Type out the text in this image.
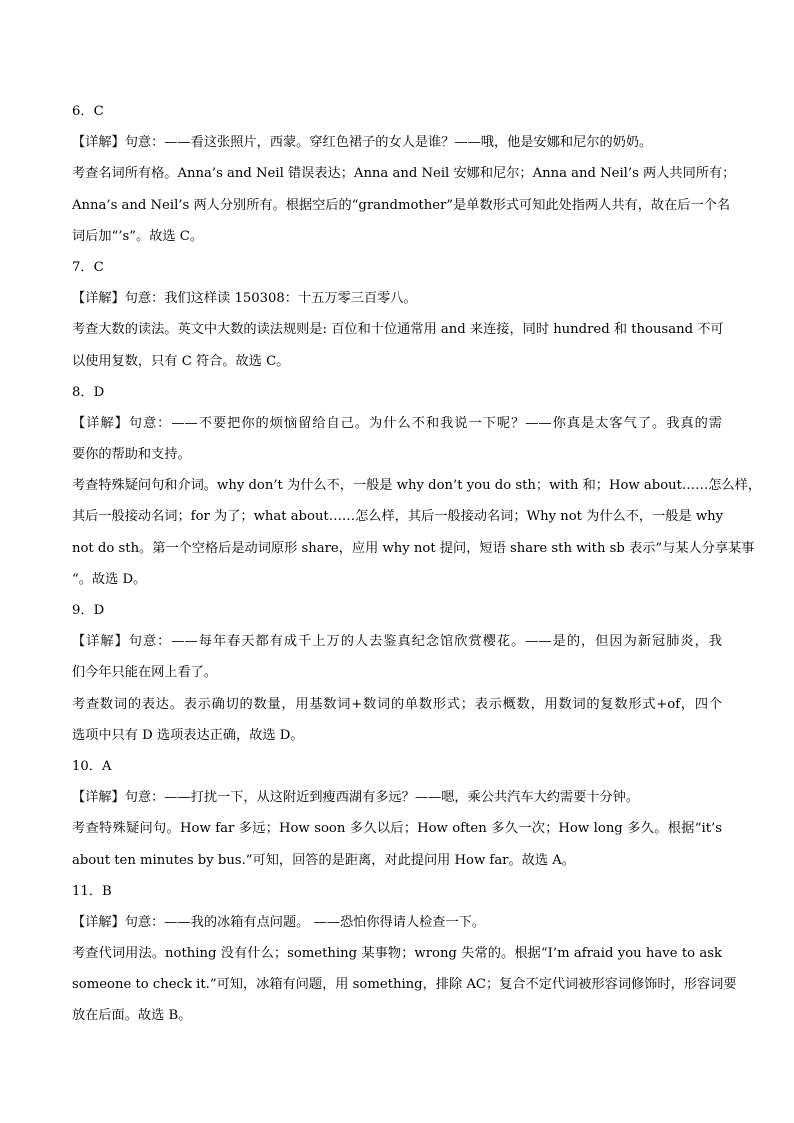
6．C
【详解】句意：——看这张照片，西蒙。穿红色裙子的女人是谁？——哦，他是安娜和尼尔的奶奶。
考查名词所有格。Anna’s and Neil 错误表达；Anna and Neil 安娜和尼尔；Anna and Neil’s 两人共同所有；
Anna’s and Neil’s 两人分别所有。根据空后的“grandmother”是单数形式可知此处指两人共有，故在后一个名
词后加“’s”。故选 C。
7．C
【详解】句意：我们这样读 150308：十五万零三百零八。
考查大数的读法。英文中大数的读法规则是: 百位和十位通常用 and 来连接，同时 hundred 和 thousand 不可
以使用复数，只有 C 符合。故选 C。
8．D
【详解】句意：——不要把你的烦恼留给自己。为什么不和我说一下呢？——你真是太客气了。我真的需
要你的帮助和支持。
考查特殊疑问句和介词。why don’t 为什么不，一般是 why don’t you do sth；with 和；How about……怎么样，
其后一般接动名词；for 为了；what about……怎么样，其后一般接动名词；Why not 为什么不，一般是 why
not do sth。第一个空格后是动词原形 share，应用 why not 提问，短语 share sth with sb 表示”与某人分享某事
“。故选 D。
9．D
【详解】句意：——每年春天都有成千上万的人去鉴真纪念馆欣赏樱花。——是的，但因为新冠肺炎，我
们今年只能在网上看了。
考查数词的表达。表示确切的数量，用基数词+数词的单数形式；表示概数，用数词的复数形式+of，四个
选项中只有 D 选项表达正确，故选 D。
10．A
【详解】句意：——打扰一下，从这附近到瘦西湖有多远？——嗯，乘公共汽车大约需要十分钟。
考查特殊疑问句。How far 多远；How soon 多久以后；How often 多久一次；How long 多久。根据“it’s
about ten minutes by bus.”可知，回答的是距离，对此提问用 How far。故选 A。
11．B
【详解】句意：——我的冰箱有点问题。 ——恐怕你得请人检查一下。
考查代词用法。nothing 没有什么；something 某事物；wrong 失常的。根据“I’m afraid you have to ask
someone to check it.”可知，冰箱有问题，用 something，排除 AC；复合不定代词被形容词修饰时，形容词要
放在后面。故选 B。
